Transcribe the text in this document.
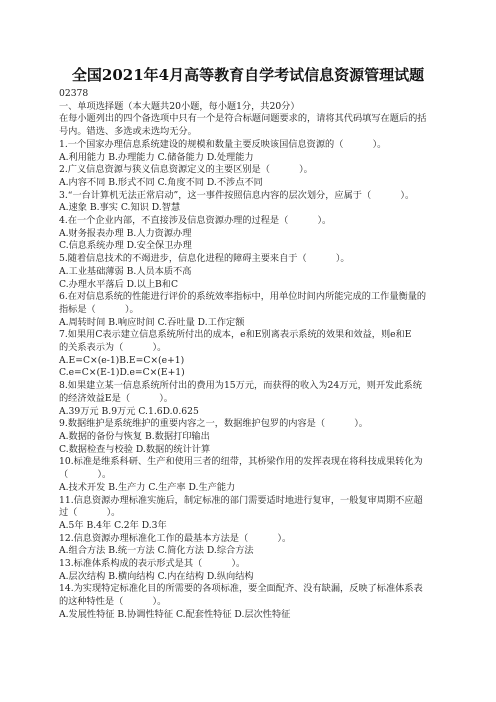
全国2021年4月高等教育自学考试信息资源管理试题
02378
一、单项选择题（本大题共20小题，每小题1分，共20分）
在每小题列出的四个备选项中只有一个是符合标题问题要求的，请将其代码填写在题后的括
号内。错选、多选或未选均无分。
1.一个国家办理信息系统建设的规模和数量主要反映该国信息资源的（          ）。
A.利用能力 B.办理能力 C.储备能力 D.处理能力
2.广义信息资源与狭义信息资源定义的主要区别是（          ）。
A.内容不同 B.形式不同 C.角度不同 D.不涉点不同
3.“一台计算机无法正常启动”，这一事件按照信息内容的层次划分，应属于（          ）。
A.速象 B.事实 C.知识 D.智慧
4.在一个企业内部，不直接涉及信息资源办理的过程是（          ）。
A.财务报表办理 B.人力资源办理
C.信息系统办理 D.安全保卫办理
5.随着信息技术的不竭进步，信息化进程的障碍主要来自于（          ）。
A.工业基础薄弱 B.人员本质不高
C.办理水平落后 D.以上B和C
6.在对信息系统的性能进行评价的系统效率指标中，用单位时间内所能完成的工作量衡量的
指标是（          ）。
A.周转时间 B.响应时间 C.吞吐量 D.工作定额
7.如果用C表示建立信息系统所付出的成本，e和E别离表示系统的效果和效益，则e和E
的关系表示为（          ）。
A.E=C×(e-1)B.E=C×(e+1)
C.e=C×(E-1)D.e=C×(E+1)
8.如果建立某一信息系统所付出的费用为15万元，而获得的收入为24万元，则开发此系统
的经济效益E是（          ）。
A.39万元 B.9万元 C.1.6D.0.625
9.数据维护是系统维护的重要内容之一，数据维护包罗的内容是（          ）。
A.数据的备份与恢复 B.数据打印输出
C.数据检查与校验 D.数据的统计计算
10.标准是维系科研、生产和使用三者的纽带，其桥梁作用的发挥表现在将科技成果转化为
（          ）。
A.技术开发 B.生产力 C.生产率 D.生产能力
11.信息资源办理标准实施后，制定标准的部门需要适时地进行复审，一般复审周期不应超
过（          ）。
A.5年 B.4年 C.2年 D.3年
12.信息资源办理标准化工作的最基本方法是（          ）。
A.组合方法 B.统一方法 C.简化方法 D.综合方法
13.标准体系构成的表示形式是其（          ）。
A.层次结构 B.横向结构 C.内在结构 D.纵向结构
14.为实现特定标准化目的所需要的各项标准，要全面配齐、没有缺漏，反映了标准体系表
的这种特性是（          ）。
A.发展性特征 B.协调性特征 C.配套性特征 D.层次性特征
